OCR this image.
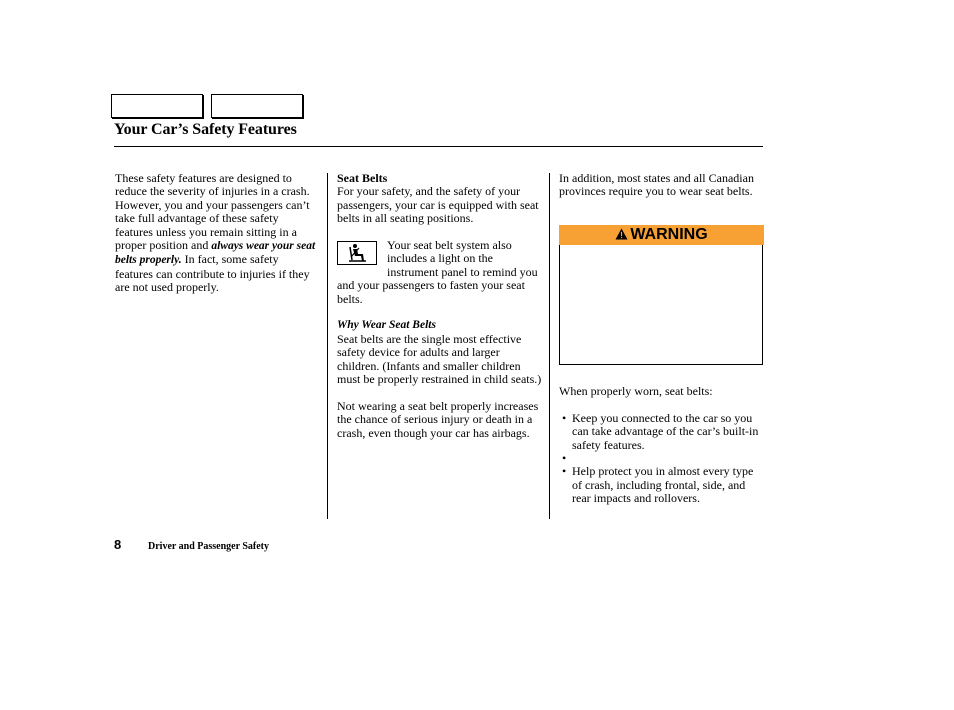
Your Car’s Safety Features

These safety features are designed to reduce the severity of injuries in a crash. However, you and your passengers can’t take full advantage of these safety features unless you remain sitting in a proper position and always wear your seat belts properly. In fact, some safety features can contribute to injuries if they are not used properly.

Seat Belts

For your safety, and the safety of your passengers, your car is equipped with seat belts in all seating positions.

Your seat belt system also includes a light on the instrument panel to remind you and your passengers to fasten your seat belts.

Why Wear Seat Belts

Seat belts are the single most effective safety device for adults and larger children. (Infants and smaller children must be properly restrained in child seats.)

Not wearing a seat belt properly increases the chance of serious injury or death in a crash, even though your car has airbags.

In addition, most states and all Canadian provinces require you to wear seat belts.

WARNING

When properly worn, seat belts:

• Keep you connected to the car so you can take advantage of the car’s built-in safety features.
•
• Help protect you in almost every type of crash, including frontal, side, and rear impacts and rollovers.
8	Driver and Passenger Safety
